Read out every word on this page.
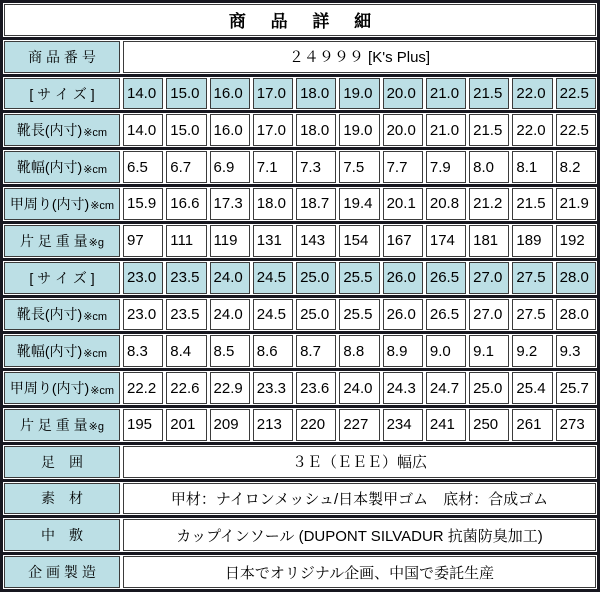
商 品 詳 細
商 品 番 号	２４９９９ [K's Plus]
[ サ イ ズ ] 14.0 15.0 16.0 17.0 18.0 19.0 20.0 21.0 21.5 22.0 22.5
靴長(内寸) ※cm 14.0 15.0 16.0 17.0 18.0 19.0 20.0 21.0 21.5 22.0 22.5
靴幅(内寸) ※cm 6.5	6.7	6.9	7.1	7.3	7.5	7.7	7.9	8.0	8.1	8.2
甲周り(内寸) ※cm 15.9 16.6 17.3 18.0 18.7 19.4 20.1 20.8 21.2 21.5 21.9
片 足 重 量 ※g 97	111	119	131	143	154	167	174	181	189	192
[ サ イ ズ ] 23.0 23.5 24.0 24.5 25.0 25.5 26.0 26.5 27.0 27.5 28.0
靴長(内寸) ※cm 23.0 23.5 24.0 24.5 25.0 25.5 26.0 26.5 27.0 27.5 28.0
靴幅(内寸) ※cm 8.3	8.4	8.5	8.6	8.7	8.8	8.9	9.0	9.1	9.2	9.3
甲周り(内寸) ※cm 22.2 22.6 22.9 23.3 23.6 24.0 24.3 24.7 25.0 25.4 25.7
片 足 重 量 ※g 195	201	209	213	220	227	234	241	250	261	273
足　囲	３Ｅ（ＥＥＥ）幅広
素　材	甲材：ナイロンメッシュ/日本製甲ゴム　底材：合成ゴム
中　敷	カップインソール (DUPONT SILVADUR 抗菌防臭加工)
企 画 製 造	日本でオリジナル企画、中国で委託生産
